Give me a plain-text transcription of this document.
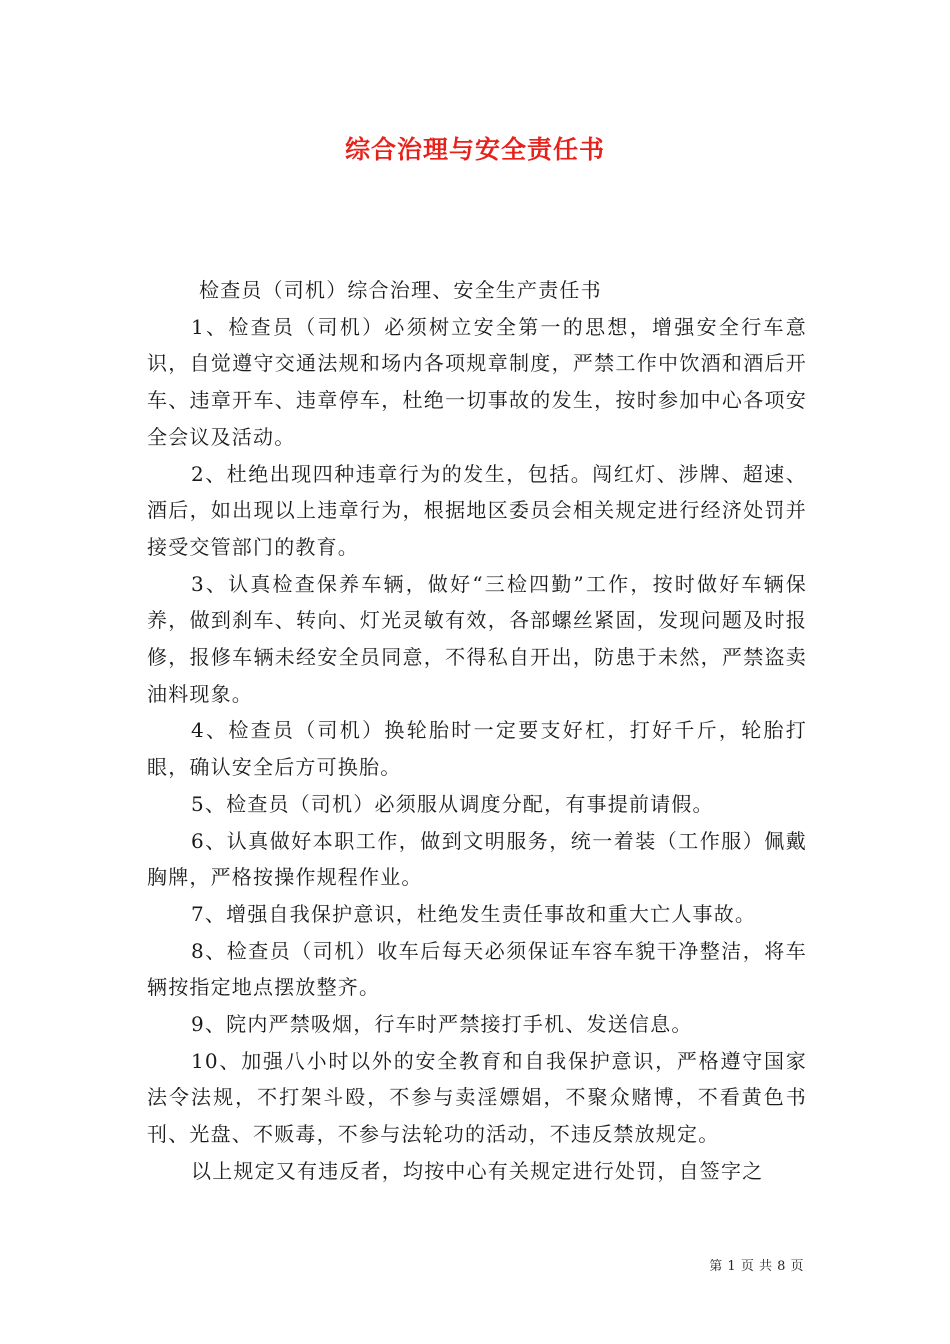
综合治理与安全责任书

检查员（司机）综合治理、安全生产责任书

1、检查员（司机）必须树立安全第一的思想，增强安全行车意识，自觉遵守交通法规和场内各项规章制度，严禁工作中饮酒和酒后开车、违章开车、违章停车，杜绝一切事故的发生，按时参加中心各项安全会议及活动。

2、杜绝出现四种违章行为的发生，包括。闯红灯、涉牌、超速、酒后，如出现以上违章行为，根据地区委员会相关规定进行经济处罚并接受交管部门的教育。

3、认真检查保养车辆，做好“三检四勤”工作，按时做好车辆保养，做到刹车、转向、灯光灵敏有效，各部螺丝紧固，发现问题及时报修，报修车辆未经安全员同意，不得私自开出，防患于未然，严禁盗卖油料现象。

4、检查员（司机）换轮胎时一定要支好杠，打好千斤，轮胎打眼，确认安全后方可换胎。

5、检查员（司机）必须服从调度分配，有事提前请假。

6、认真做好本职工作，做到文明服务，统一着装（工作服）佩戴胸牌，严格按操作规程作业。

7、增强自我保护意识，杜绝发生责任事故和重大亡人事故。

8、检查员（司机）收车后每天必须保证车容车貌干净整洁，将车辆按指定地点摆放整齐。

9、院内严禁吸烟，行车时严禁接打手机、发送信息。

10、加强八小时以外的安全教育和自我保护意识，严格遵守国家法令法规，不打架斗殴，不参与卖淫嫖娼，不聚众赌博，不看黄色书刊、光盘、不贩毒，不参与法轮功的活动，不违反禁放规定。

以上规定又有违反者，均按中心有关规定进行处罚，自签字之

第 1 页 共 8 页
